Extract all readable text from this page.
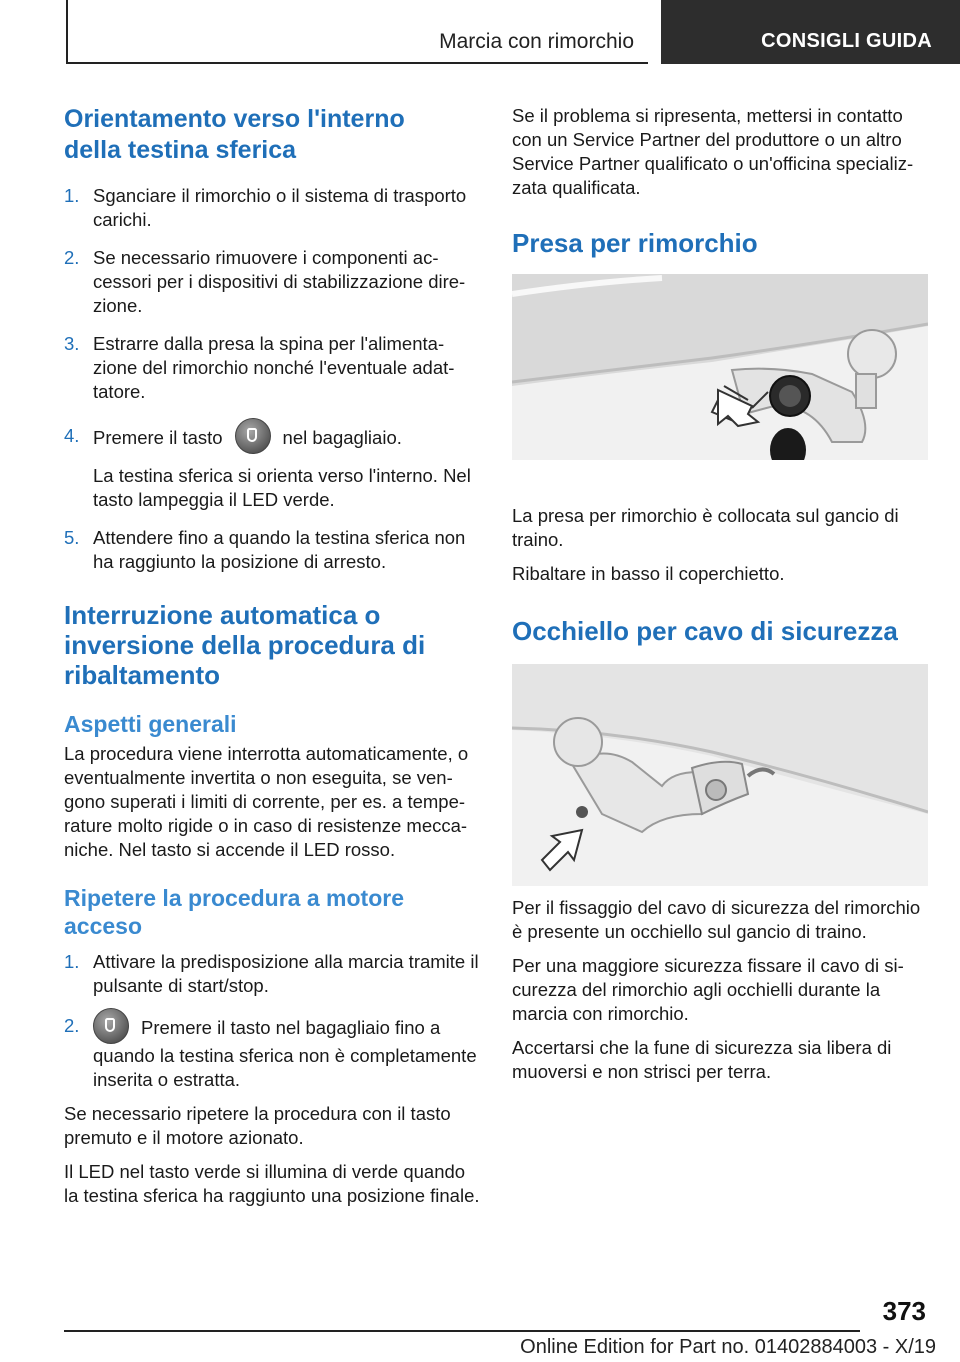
Marcia con rimorchio	CONSIGLI GUIDA
Orientamento verso l'interno della testina sferica
1. Sganciare il rimorchio o il sistema di trasporto carichi.
2. Se necessario rimuovere i componenti accessori per i dispositivi di stabilizzazione direzione.
3. Estrarre dalla presa la spina per l'alimentazione del rimorchio nonché l'eventuale adattatore.
4. Premere il tasto	nel bagagliaio.
La testina sferica si orienta verso l'interno. Nel tasto lampeggia il LED verde.
5. Attendere fino a quando la testina sferica non ha raggiunto la posizione di arresto.
Interruzione automatica o inversione della procedura di ribaltamento
Aspetti generali

La procedura viene interrotta automaticamente, o eventualmente invertita o non eseguita, se vengono superati i limiti di corrente, per es. a temperature molto rigide o in caso di resistenze meccaniche. Nel tasto si accende il LED rosso.

Ripetere la procedura a motore acceso
1. Attivare la predisposizione alla marcia tramite il pulsante di start/stop.
2.	Premere il tasto nel bagagliaio fino a quando la testina sferica non è completamente inserita o estratta.

Se necessario ripetere la procedura con il tasto premuto e il motore azionato.

Il LED nel tasto verde si illumina di verde quando la testina sferica ha raggiunto una posizione finale.

Se il problema si ripresenta, mettersi in contatto con un Service Partner del produttore o un altro Service Partner qualificato o un'officina specializzata qualificata.

Presa per rimorchio

La presa per rimorchio è collocata sul gancio di traino.

Ribaltare in basso il coperchietto.

Occhiello per cavo di sicurezza

Per il fissaggio del cavo di sicurezza del rimorchio è presente un occhiello sul gancio di traino.

Per una maggiore sicurezza fissare il cavo di sicurezza del rimorchio agli occhielli durante la marcia con rimorchio.

Accertarsi che la fune di sicurezza sia libera di muoversi e non strisci per terra.

373
Online Edition for Part no. 01402884003 - X/19
